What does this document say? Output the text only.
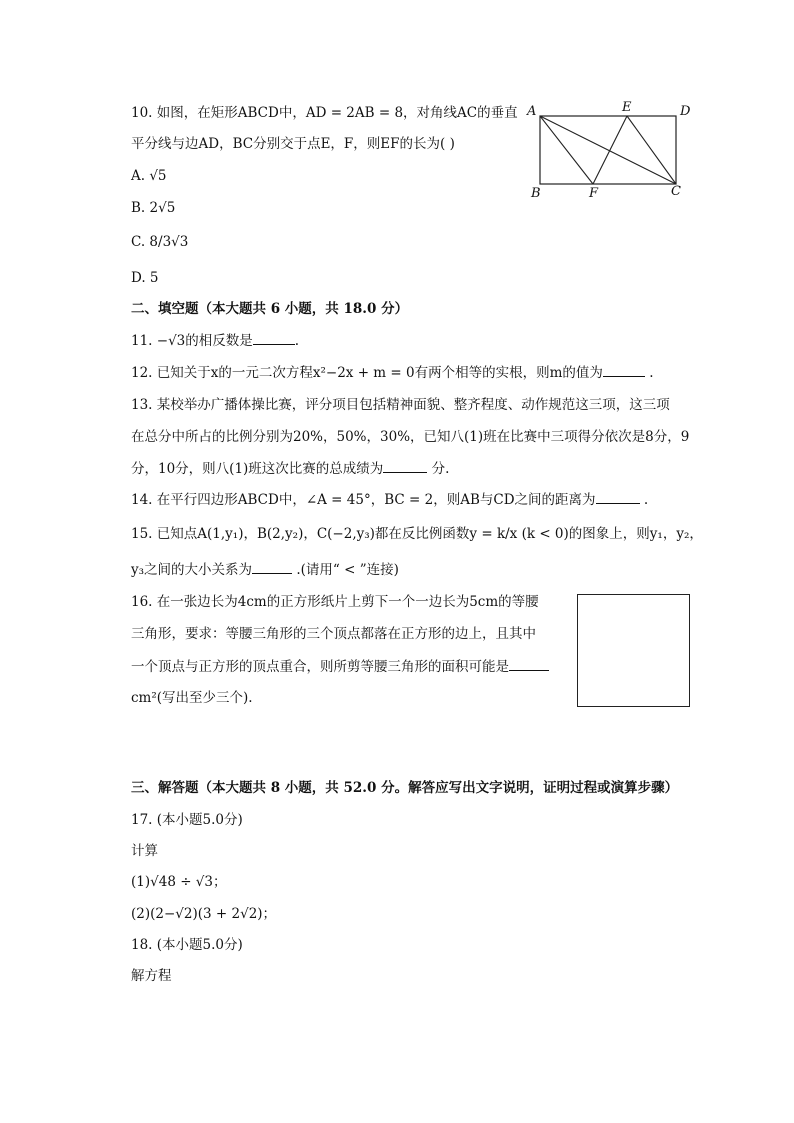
10. 如图，在矩形ABCD中，AD = 2AB = 8，对角线AC的垂直
平分线与边AD，BC分别交于点E，F，则EF的长为( )
A. √5
B. 2√5
C. 8/3√3
D. 5
A	E	D
B	F	C
二、填空题（本大题共 6 小题，共 18.0 分）
11. −√3的相反数是	.
12. 已知关于x的一元二次方程x²−2x + m = 0有两个相等的实根，则m的值为	.
13. 某校举办广播体操比赛，评分项目包括精神面貌、整齐程度、动作规范这三项，这三项
在总分中所占的比例分别为20%，50%，30%，已知八(1)班在比赛中三项得分依次是8分，9
分，10分，则八(1)班这次比赛的总成绩为	分.
14. 在平行四边形ABCD中，∠A = 45°，BC = 2，则AB与CD之间的距离为	.
15. 已知点A(1,y₁)，B(2,y₂)，C(−2,y₃)都在反比例函数y = k/x (k < 0)的图象上，则y₁，y₂，
y₃之间的大小关系为	.(请用“ < ”连接)
16. 在一张边长为4cm的正方形纸片上剪下一个一边长为5cm的等腰
三角形，要求：等腰三角形的三个顶点都落在正方形的边上，且其中
一个顶点与正方形的顶点重合，则所剪等腰三角形的面积可能是
cm²(写出至少三个).
三、解答题（本大题共 8 小题，共 52.0 分。解答应写出文字说明，证明过程或演算步骤）
17. (本小题5.0分)
计算
(1)√48 ÷ √3；
(2)(2−√2)(3 + 2√2)；
18. (本小题5.0分)
解方程
